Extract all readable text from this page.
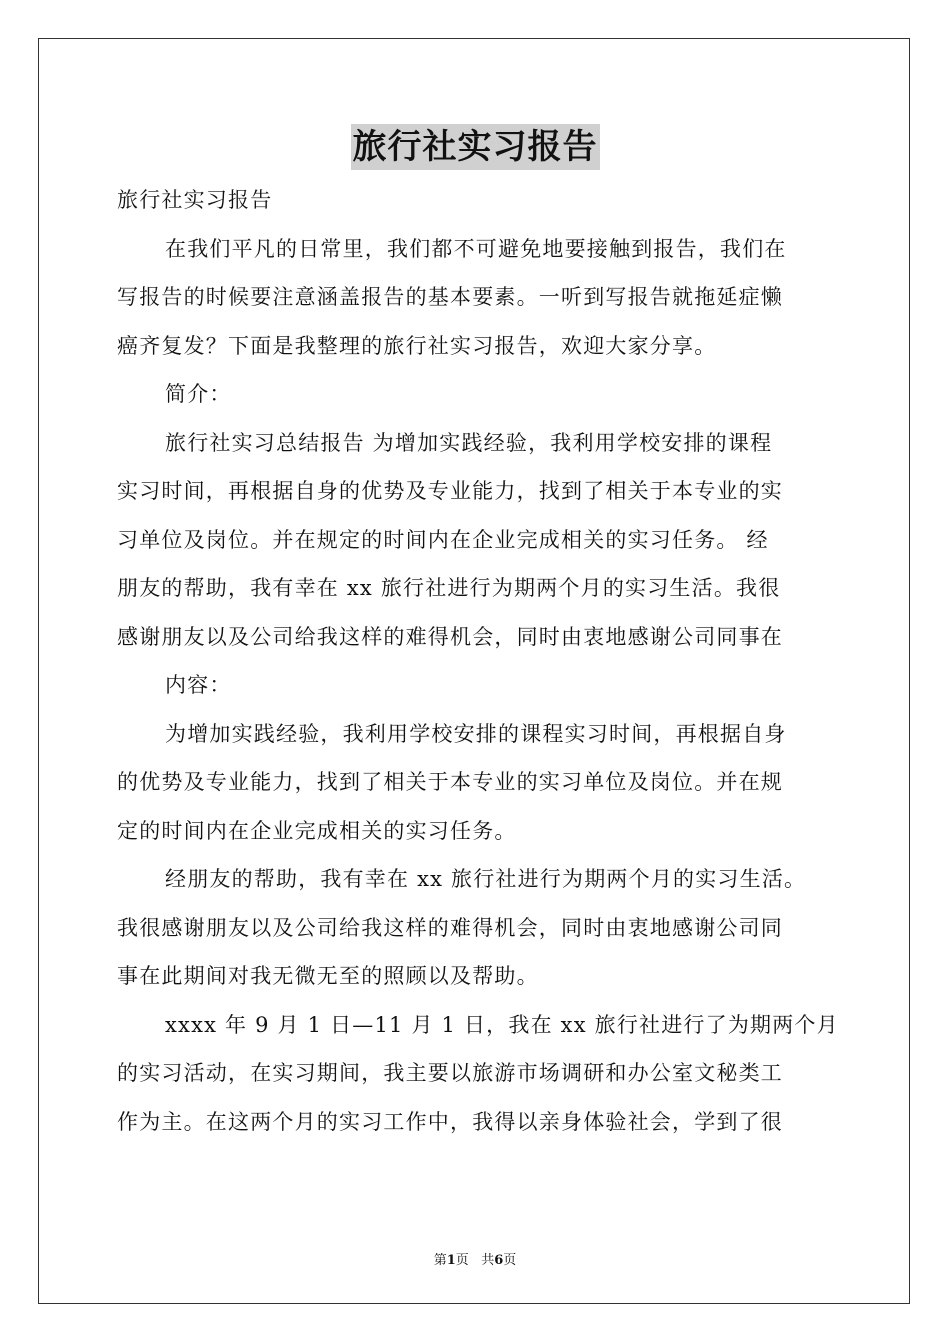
旅行社实习报告
旅行社实习报告
在我们平凡的日常里，我们都不可避免地要接触到报告，我们在
写报告的时候要注意涵盖报告的基本要素。一听到写报告就拖延症懒
癌齐复发？下面是我整理的旅行社实习报告，欢迎大家分享。
简介：
旅行社实习总结报告 为增加实践经验，我利用学校安排的课程
实习时间，再根据自身的优势及专业能力，找到了相关于本专业的实
习单位及岗位。并在规定的时间内在企业完成相关的实习任务。 经
朋友的帮助，我有幸在 xx 旅行社进行为期两个月的实习生活。我很
感谢朋友以及公司给我这样的难得机会，同时由衷地感谢公司同事在
内容：
为增加实践经验，我利用学校安排的课程实习时间，再根据自身
的优势及专业能力，找到了相关于本专业的实习单位及岗位。并在规
定的时间内在企业完成相关的实习任务。
经朋友的帮助，我有幸在 xx 旅行社进行为期两个月的实习生活。
我很感谢朋友以及公司给我这样的难得机会，同时由衷地感谢公司同
事在此期间对我无微无至的照顾以及帮助。
xxxx 年 9 月 1 日—11 月 1 日，我在 xx 旅行社进行了为期两个月
的实习活动，在实习期间，我主要以旅游市场调研和办公室文秘类工
作为主。在这两个月的实习工作中，我得以亲身体验社会，学到了很
第1页 共6页
